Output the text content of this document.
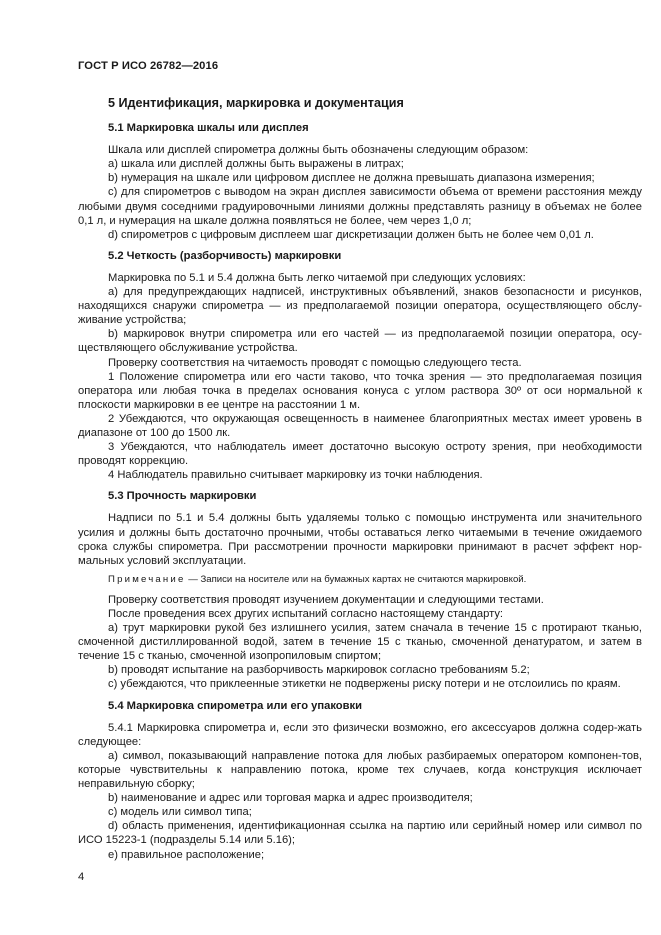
ГОСТ Р ИСО 26782—2016

5 Идентификация, маркировка и документация

5.1 Маркировка шкалы или дисплея

Шкала или дисплей спирометра должны быть обозначены следующим образом:

а) шкала или дисплей должны быть выражены в литрах;

b) нумерация на шкале или цифровом дисплее не должна превышать диапазона измерения;

с) для спирометров с выводом на экран дисплея зависимости объема от времени расстояния между любыми двумя соседними градуировочными линиями должны представлять разницу в объемах не более 0,1 л, и нумерация на шкале должна появляться не более, чем через 1,0 л;

d) спирометров с цифровым дисплеем шаг дискретизации должен быть не более чем 0,01 л.

5.2 Четкость (разборчивость) маркировки

Маркировка по 5.1 и 5.4 должна быть легко читаемой при следующих условиях:

а) для предупреждающих надписей, инструктивных объявлений, знаков безопасности и рисунков, находящихся снаружи спирометра — из предполагаемой позиции оператора, осуществляющего обслу-живание устройства;

b) маркировок внутри спирометра или его частей — из предполагаемой позиции оператора, осу-ществляющего обслуживание устройства.

Проверку соответствия на читаемость проводят с помощью следующего теста.

1 Положение спирометра или его части таково, что точка зрения — это предполагаемая позиция оператора или любая точка в пределах основания конуса с углом раствора 30º от оси нормальной к плоскости маркировки в ее центре на расстоянии 1 м.

2 Убеждаются, что окружающая освещенность в наименее благоприятных местах имеет уровень в диапазоне от 100 до 1500 лк.

3 Убеждаются, что наблюдатель имеет достаточно высокую остроту зрения, при необходимости проводят коррекцию.

4 Наблюдатель правильно считывает маркировку из точки наблюдения.

5.3 Прочность маркировки

Надписи по 5.1 и 5.4 должны быть удаляемы только с помощью инструмента или значительного усилия и должны быть достаточно прочными, чтобы оставаться легко читаемыми в течение ожидаемого срока службы спирометра. При рассмотрении прочности маркировки принимают в расчет эффект нор-мальных условий эксплуатации.

Примечание — Записи на носителе или на бумажных картах не считаются маркировкой.

Проверку соответствия проводят изучением документации и следующими тестами.

После проведения всех других испытаний согласно настоящему стандарту:

а) трут маркировки рукой без излишнего усилия, затем сначала в течение 15 с протирают тканью, смоченной дистиллированной водой, затем в течение 15 с тканью, смоченной денатуратом, и затем в течение 15 с тканью, смоченной изопропиловым спиртом;

b) проводят испытание на разборчивость маркировок согласно требованиям 5.2;

с) убеждаются, что приклеенные этикетки не подвержены риску потери и не отслоились по краям.

5.4 Маркировка спирометра или его упаковки

5.4.1 Маркировка спирометра и, если это физически возможно, его аксессуаров должна содер-жать следующее:

а) символ, показывающий направление потока для любых разбираемых оператором компонен-тов, которые чувствительны к направлению потока, кроме тех случаев, когда конструкция исключает неправильную сборку;

b) наименование и адрес или торговая марка и адрес производителя;

с) модель или символ типа;

d) область применения, идентификационная ссылка на партию или серийный номер или символ по ИСО 15223-1 (подразделы 5.14 или 5.16);

е) правильное расположение;

4
